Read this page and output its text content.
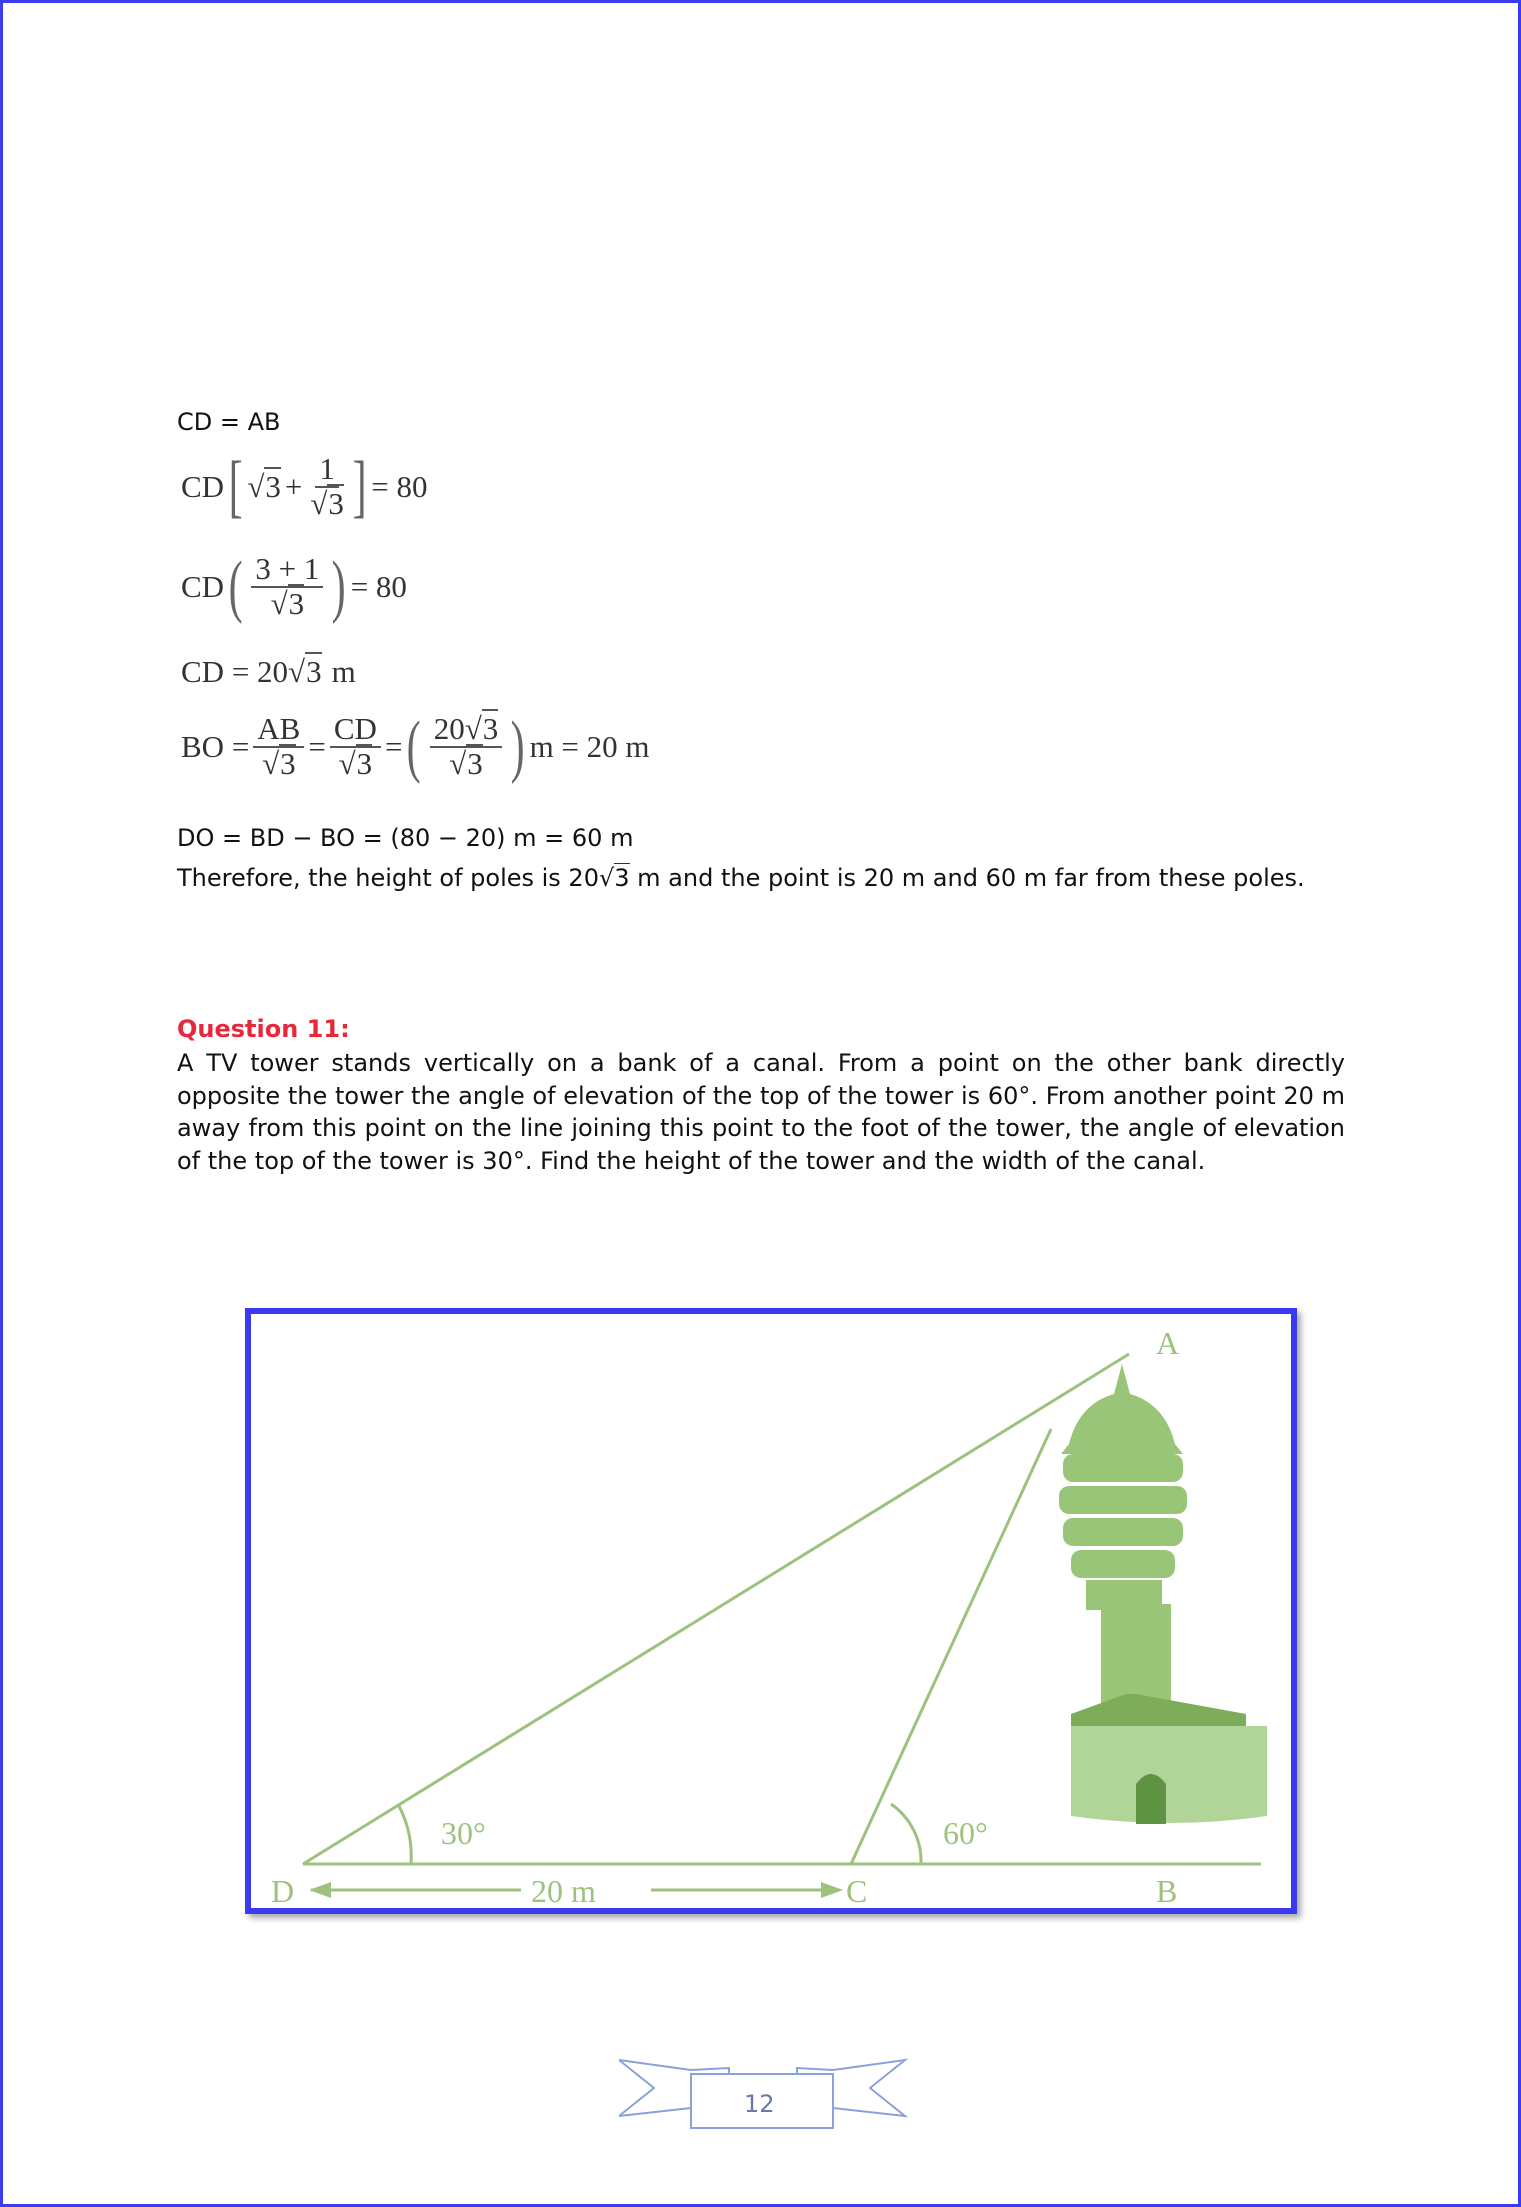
CD = AB
CD [ $√3 + \frac{1}{√3}$ ] = 80
CD ( $\frac{3 + 1}{√3}$ ) = 80
CD = 20 √3 m
BO = $\frac{AB}{√3} = \frac{CD}{√3}$ = ( $\frac{20√3}{√3}$ ) m = 20 m
DO = BD − BO = (80 − 20) m = 60 m
Therefore, the height of poles is 20√3 m and the point is 20 m and 60 m far from these poles.
Question 11:
A TV tower stands vertically on a bank of a canal. From a point on the other bank directly opposite the tower the angle of elevation of the top of the tower is 60°. From another point 20 m away from this point on the line joining this point to the foot of the tower, the angle of elevation of the top of the tower is 30°. Find the height of the tower and the width of the canal.
D	C	B
A
30°	60°
20 m
12
